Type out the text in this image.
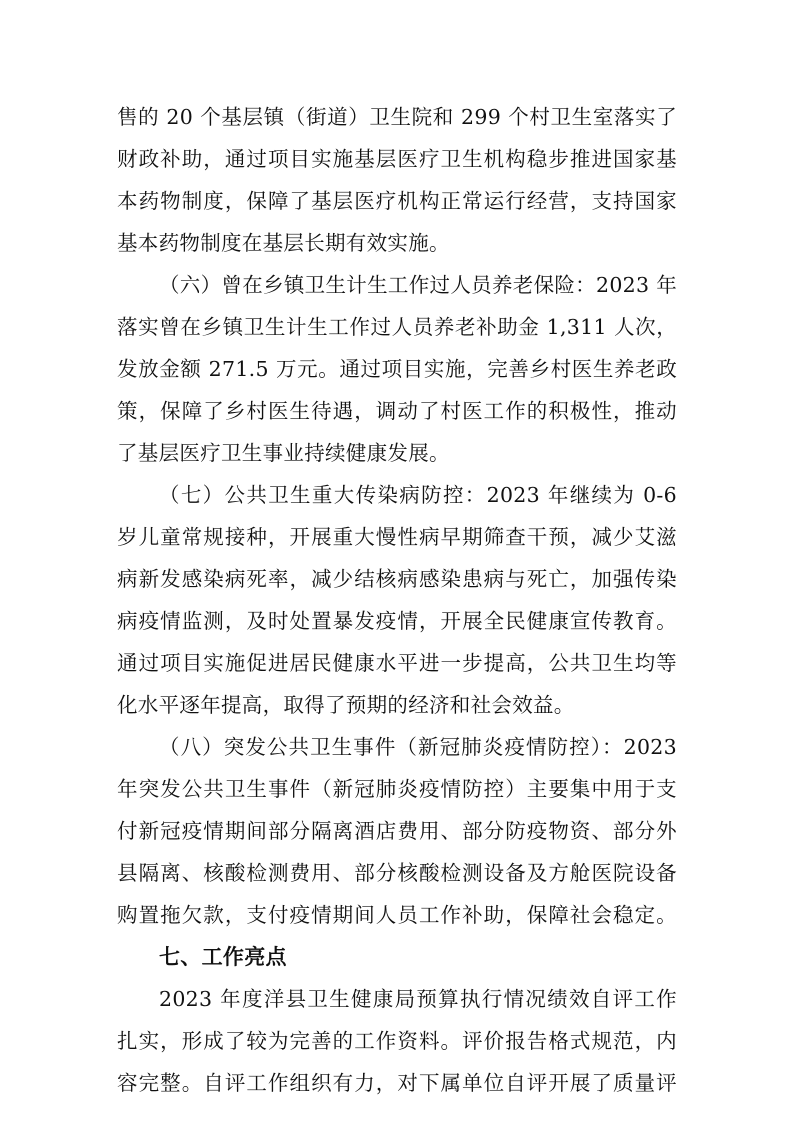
售的 20 个基层镇（街道）卫生院和 299 个村卫生室落实了
财政补助，通过项目实施基层医疗卫生机构稳步推进国家基
本药物制度，保障了基层医疗机构正常运行经营，支持国家
基本药物制度在基层长期有效实施。
（六）曾在乡镇卫生计生工作过人员养老保险：2023 年
落实曾在乡镇卫生计生工作过人员养老补助金 1,311 人次，
发放金额 271.5 万元。通过项目实施，完善乡村医生养老政
策，保障了乡村医生待遇，调动了村医工作的积极性，推动
了基层医疗卫生事业持续健康发展。
（七）公共卫生重大传染病防控：2023 年继续为 0-6
岁儿童常规接种，开展重大慢性病早期筛查干预，减少艾滋
病新发感染病死率，减少结核病感染患病与死亡，加强传染
病疫情监测，及时处置暴发疫情，开展全民健康宣传教育。
通过项目实施促进居民健康水平进一步提高，公共卫生均等
化水平逐年提高，取得了预期的经济和社会效益。
（八）突发公共卫生事件（新冠肺炎疫情防控）：2023
年突发公共卫生事件（新冠肺炎疫情防控）主要集中用于支
付新冠疫情期间部分隔离酒店费用、部分防疫物资、部分外
县隔离、核酸检测费用、部分核酸检测设备及方舱医院设备
购置拖欠款，支付疫情期间人员工作补助，保障社会稳定。
七、工作亮点
2023 年度洋县卫生健康局预算执行情况绩效自评工作
扎实，形成了较为完善的工作资料。评价报告格式规范，内
容完整。自评工作组织有力，对下属单位自评开展了质量评
